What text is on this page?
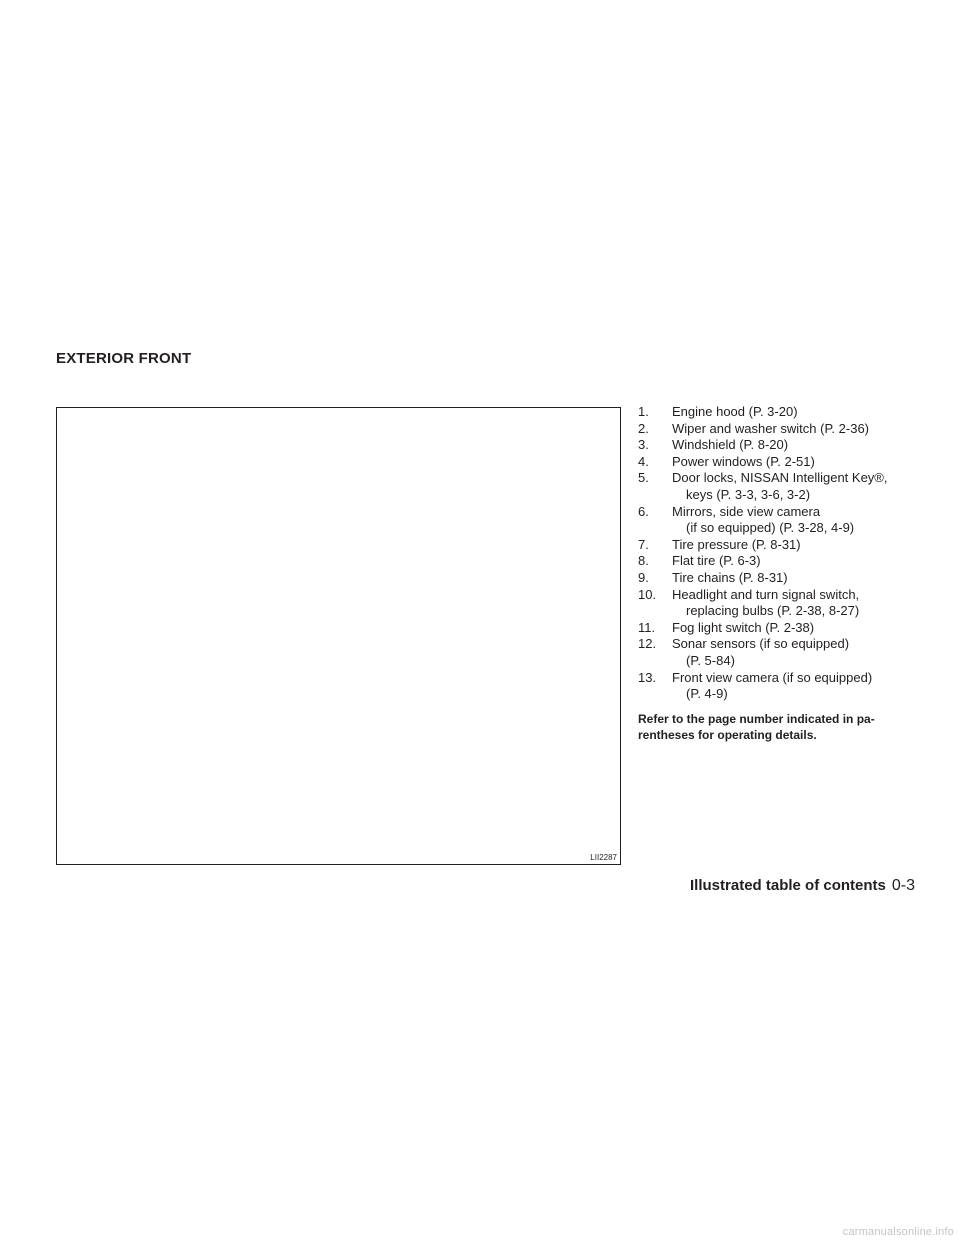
EXTERIOR FRONT
LII2287
1. Engine hood (P. 3-20)
2. Wiper and washer switch (P. 2-36)
3. Windshield (P. 8-20)
4. Power windows (P. 2-51)
5. Door locks, NISSAN Intelligent Key®,
keys (P. 3-3, 3-6, 3-2)
6. Mirrors, side view camera
(if so equipped) (P. 3-28, 4-9)
7. Tire pressure (P. 8-31)
8. Flat tire (P. 6-3)
9. Tire chains (P. 8-31)
10. Headlight and turn signal switch,
replacing bulbs (P. 2-38, 8-27)
11. Fog light switch (P. 2-38)
12. Sonar sensors (if so equipped)
(P. 5-84)
13. Front view camera (if so equipped)
(P. 4-9)

Refer to the page number indicated in pa-rentheses for operating details.

Illustrated table of contents 0-3
carmanualsonline.info
